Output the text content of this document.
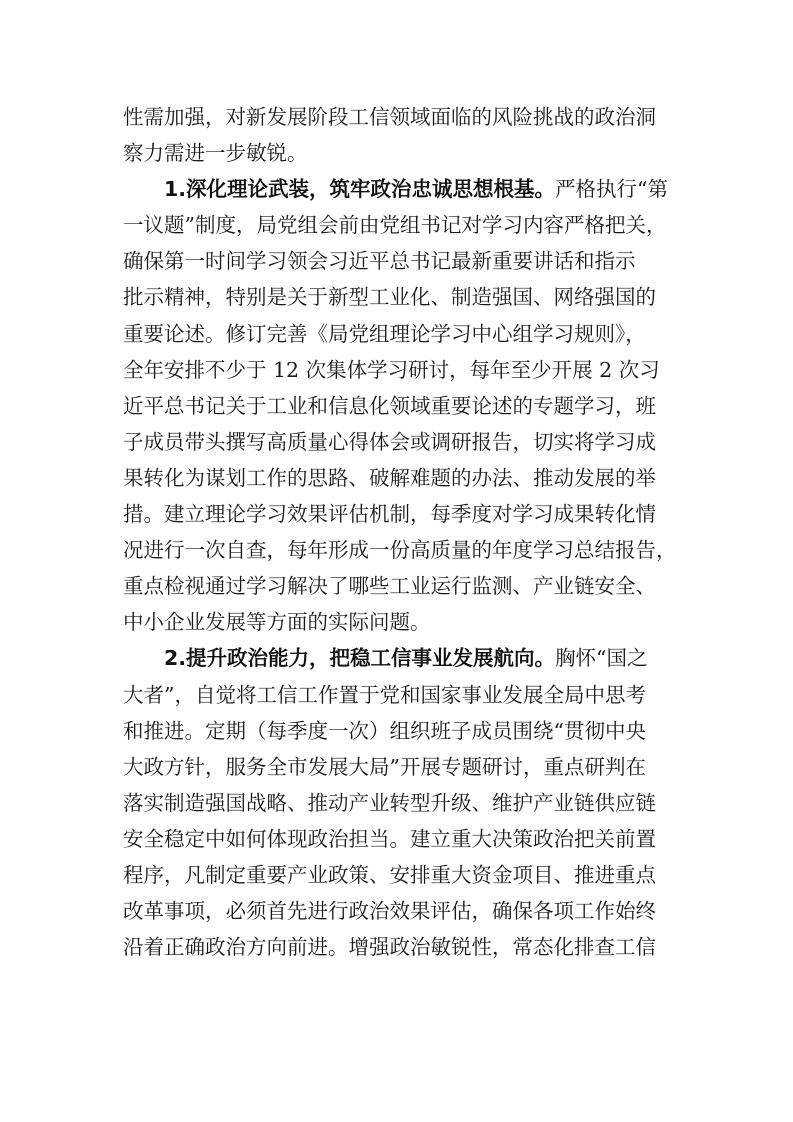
性需加强，对新发展阶段工信领域面临的风险挑战的政治洞
察力需进一步敏锐。

1.深化理论武装，筑牢政治忠诚思想根基。严格执行“第
一议题”制度，局党组会前由党组书记对学习内容严格把关，
确保第一时间学习领会习近平总书记最新重要讲话和指示
批示精神，特别是关于新型工业化、制造强国、网络强国的
重要论述。修订完善《局党组理论学习中心组学习规则》，
全年安排不少于 12 次集体学习研讨，每年至少开展 2 次习
近平总书记关于工业和信息化领域重要论述的专题学习，班
子成员带头撰写高质量心得体会或调研报告，切实将学习成
果转化为谋划工作的思路、破解难题的办法、推动发展的举
措。建立理论学习效果评估机制，每季度对学习成果转化情
况进行一次自查，每年形成一份高质量的年度学习总结报告，
重点检视通过学习解决了哪些工业运行监测、产业链安全、
中小企业发展等方面的实际问题。

2.提升政治能力，把稳工信事业发展航向。胸怀“国之
大者”，自觉将工信工作置于党和国家事业发展全局中思考
和推进。定期（每季度一次）组织班子成员围绕“贯彻中央
大政方针，服务全市发展大局”开展专题研讨，重点研判在
落实制造强国战略、推动产业转型升级、维护产业链供应链
安全稳定中如何体现政治担当。建立重大决策政治把关前置
程序，凡制定重要产业政策、安排重大资金项目、推进重点
改革事项，必须首先进行政治效果评估，确保各项工作始终
沿着正确政治方向前进。增强政治敏锐性，常态化排查工信
